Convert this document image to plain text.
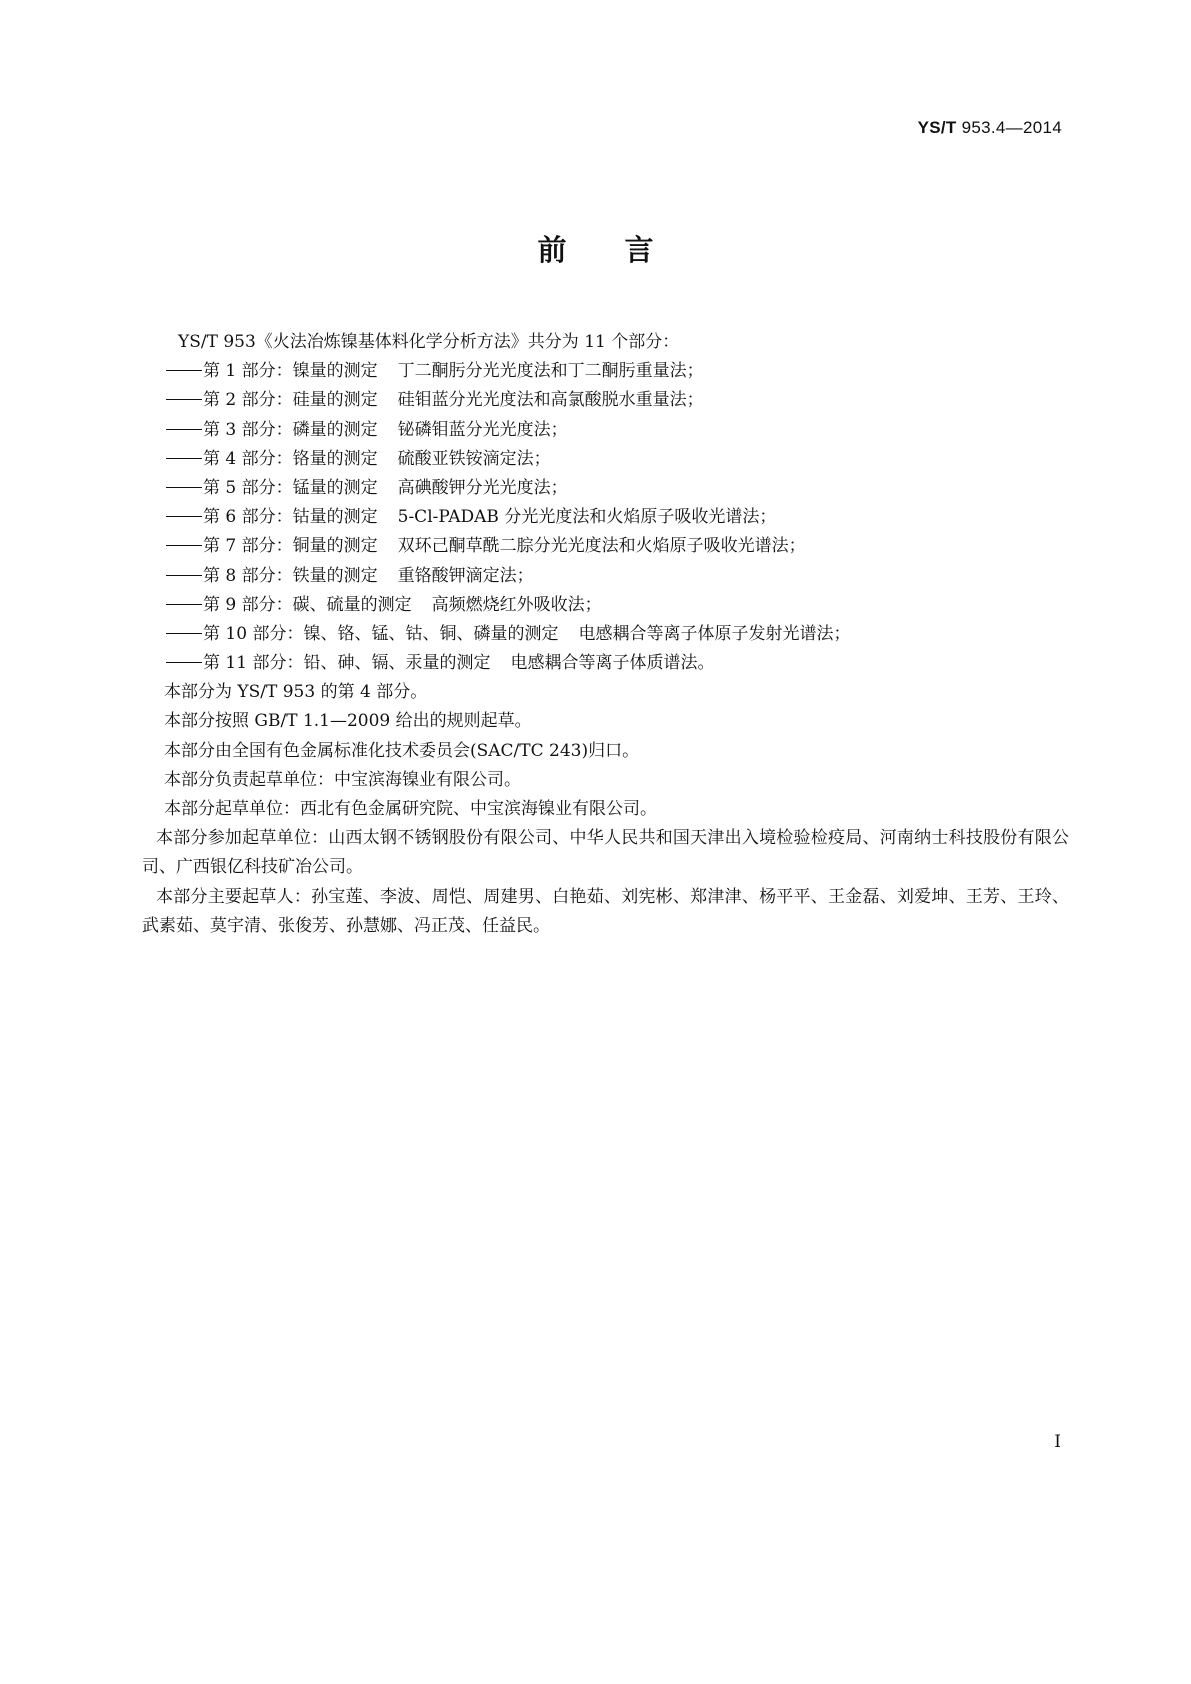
YS/T 953.4—2014
前言
YS/T 953《火法冶炼镍基体料化学分析方法》共分为 11 个部分：
第 1 部分：镍量的测定 丁二酮肟分光光度法和丁二酮肟重量法；
第 2 部分：硅量的测定 硅钼蓝分光光度法和高氯酸脱水重量法；
第 3 部分：磷量的测定 铋磷钼蓝分光光度法；
第 4 部分：铬量的测定 硫酸亚铁铵滴定法；
第 5 部分：锰量的测定 高碘酸钾分光光度法；
第 6 部分：钴量的测定 5-Cl-PADAB 分光光度法和火焰原子吸收光谱法；
第 7 部分：铜量的测定 双环己酮草酰二腙分光光度法和火焰原子吸收光谱法；
第 8 部分：铁量的测定 重铬酸钾滴定法；
第 9 部分：碳、硫量的测定 高频燃烧红外吸收法；
第 10 部分：镍、铬、锰、钴、铜、磷量的测定 电感耦合等离子体原子发射光谱法；
第 11 部分：铅、砷、镉、汞量的测定 电感耦合等离子体质谱法。
本部分为 YS/T 953 的第 4 部分。
本部分按照 GB/T 1.1—2009 给出的规则起草。
本部分由全国有色金属标准化技术委员会(SAC/TC 243)归口。
本部分负责起草单位：中宝滨海镍业有限公司。
本部分起草单位：西北有色金属研究院、中宝滨海镍业有限公司。
本部分参加起草单位：山西太钢不锈钢股份有限公司、中华人民共和国天津出入境检验检疫局、河南纳士科技股份有限公司、广西银亿科技矿冶公司。
本部分主要起草人：孙宝莲、李波、周恺、周建男、白艳茹、刘宪彬、郑津津、杨平平、王金磊、刘爱坤、王芳、王玲、武素茹、莫宇清、张俊芳、孙慧娜、冯正茂、任益民。
I
